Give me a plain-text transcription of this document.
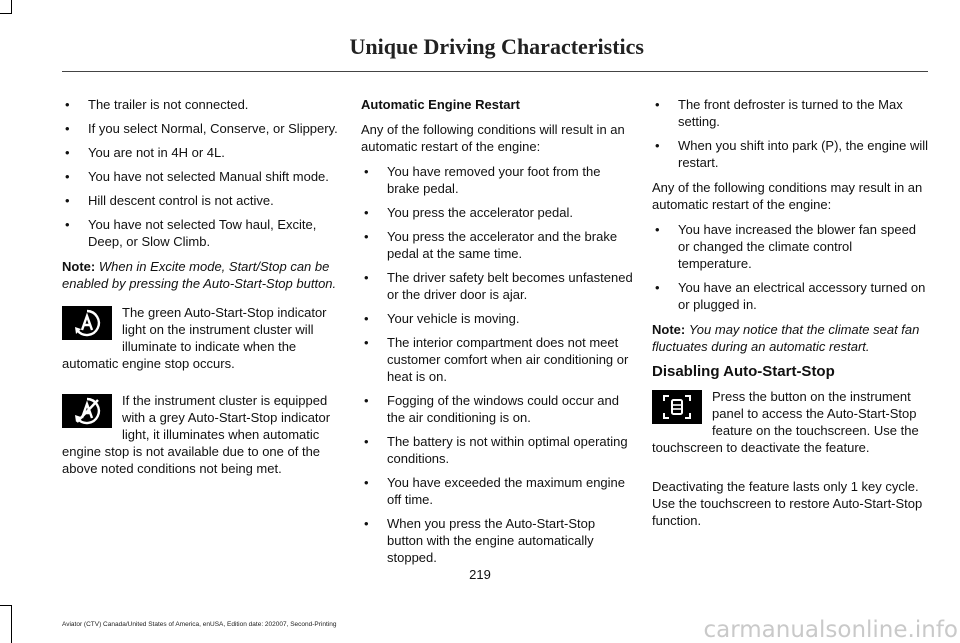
Unique Driving Characteristics
• The trailer is not connected.
• If you select Normal, Conserve, or Slippery.
• You are not in 4H or 4L.
• You have not selected Manual shift mode.
• Hill descent control is not active.
• You have not selected Tow haul, Excite, Deep, or Slow Climb.

Note: When in Excite mode, Start/Stop can be enabled by pressing the Auto-Start-Stop button.

The green Auto-Start-Stop indicator light on the instrument cluster will illuminate to indicate when the automatic engine stop occurs.

If the instrument cluster is equipped with a grey Auto-Start-Stop indicator light, it illuminates when automatic engine stop is not available due to one of the above noted conditions not being met.

Automatic Engine Restart

Any of the following conditions will result in an automatic restart of the engine:

• You have removed your foot from the brake pedal.
• You press the accelerator pedal.
• You press the accelerator and the brake pedal at the same time.
• The driver safety belt becomes unfastened or the driver door is ajar.
• Your vehicle is moving.
• The interior compartment does not meet customer comfort when air conditioning or heat is on.
• Fogging of the windows could occur and the air conditioning is on.
• The battery is not within optimal operating conditions.
• You have exceeded the maximum engine off time.
• When you press the Auto-Start-Stop button with the engine automatically stopped.
• The front defroster is turned to the Max setting.
• When you shift into park (P), the engine will restart.

Any of the following conditions may result in an automatic restart of the engine:

• You have increased the blower fan speed or changed the climate control temperature.
• You have an electrical accessory turned on or plugged in.

Note: You may notice that the climate seat fan fluctuates during an automatic restart.

Disabling Auto-Start-Stop

Press the button on the instrument panel to access the Auto-Start-Stop feature on the touchscreen. Use the touchscreen to deactivate the feature.

Deactivating the feature lasts only 1 key cycle. Use the touchscreen to restore Auto-Start-Stop function.

219
Aviator (CTV) Canada/United States of America, enUSA, Edition date: 202007, Second-Printing	carmanualsonline.info
